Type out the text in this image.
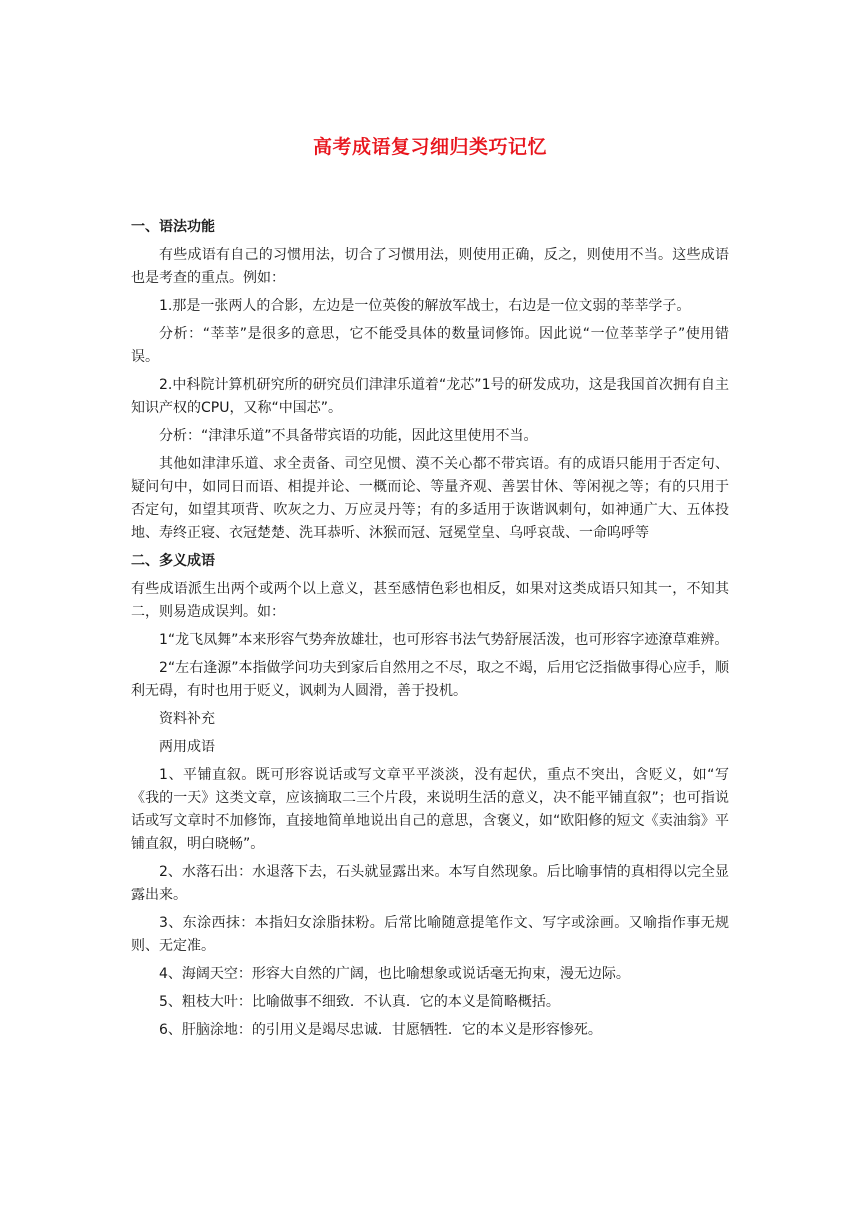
高考成语复习细归类巧记忆
一、语法功能

有些成语有自己的习惯用法，切合了习惯用法，则使用正确，反之，则使用不当。这些成语也是考查的重点。例如：

1.那是一张两人的合影，左边是一位英俊的解放军战士，右边是一位文弱的莘莘学子。

分析：“莘莘”是很多的意思，它不能受具体的数量词修饰。因此说“一位莘莘学子”使用错误。

2.中科院计算机研究所的研究员们津津乐道着“龙芯”1号的研发成功，这是我国首次拥有自主知识产权的CPU，又称“中国芯”。

分析：“津津乐道”不具备带宾语的功能，因此这里使用不当。

其他如津津乐道、求全责备、司空见惯、漠不关心都不带宾语。有的成语只能用于否定句、疑问句中，如同日而语、相提并论、一概而论、等量齐观、善罢甘休、等闲视之等；有的只用于否定句，如望其项背、吹灰之力、万应灵丹等；有的多适用于诙谐讽刺句，如神通广大、五体投地、寿终正寝、衣冠楚楚、洗耳恭听、沐猴而冠、冠冕堂皇、乌呼哀哉、一命呜呼等

二、多义成语

有些成语派生出两个或两个以上意义，甚至感情色彩也相反，如果对这类成语只知其一，不知其二，则易造成误判。如：

1“龙飞凤舞”本来形容气势奔放雄壮，也可形容书法气势舒展活泼，也可形容字迹潦草难辨。

2“左右逢源”本指做学问功夫到家后自然用之不尽，取之不竭，后用它泛指做事得心应手，顺利无碍，有时也用于贬义，讽刺为人圆滑，善于投机。

资料补充

两用成语

1、平铺直叙。既可形容说话或写文章平平淡淡，没有起伏，重点不突出，含贬义，如“写《我的一天》这类文章，应该摘取二三个片段，来说明生活的意义，决不能平铺直叙”；也可指说话或写文章时不加修饰，直接地简单地说出自己的意思，含褒义，如“欧阳修的短文《卖油翁》平铺直叙，明白晓畅”。

2、水落石出：水退落下去，石头就显露出来。本写自然现象。后比喻事情的真相得以完全显露出来。

3、东涂西抹：本指妇女涂脂抹粉。后常比喻随意提笔作文、写字或涂画。又喻指作事无规则、无定准。

4、海阔天空：形容大自然的广阔，也比喻想象或说话毫无拘束，漫无边际。

5、粗枝大叶：比喻做事不细致．不认真．它的本义是简略概括。

6、肝脑涂地：的引用义是竭尽忠诚．甘愿牺牲．它的本义是形容惨死。
